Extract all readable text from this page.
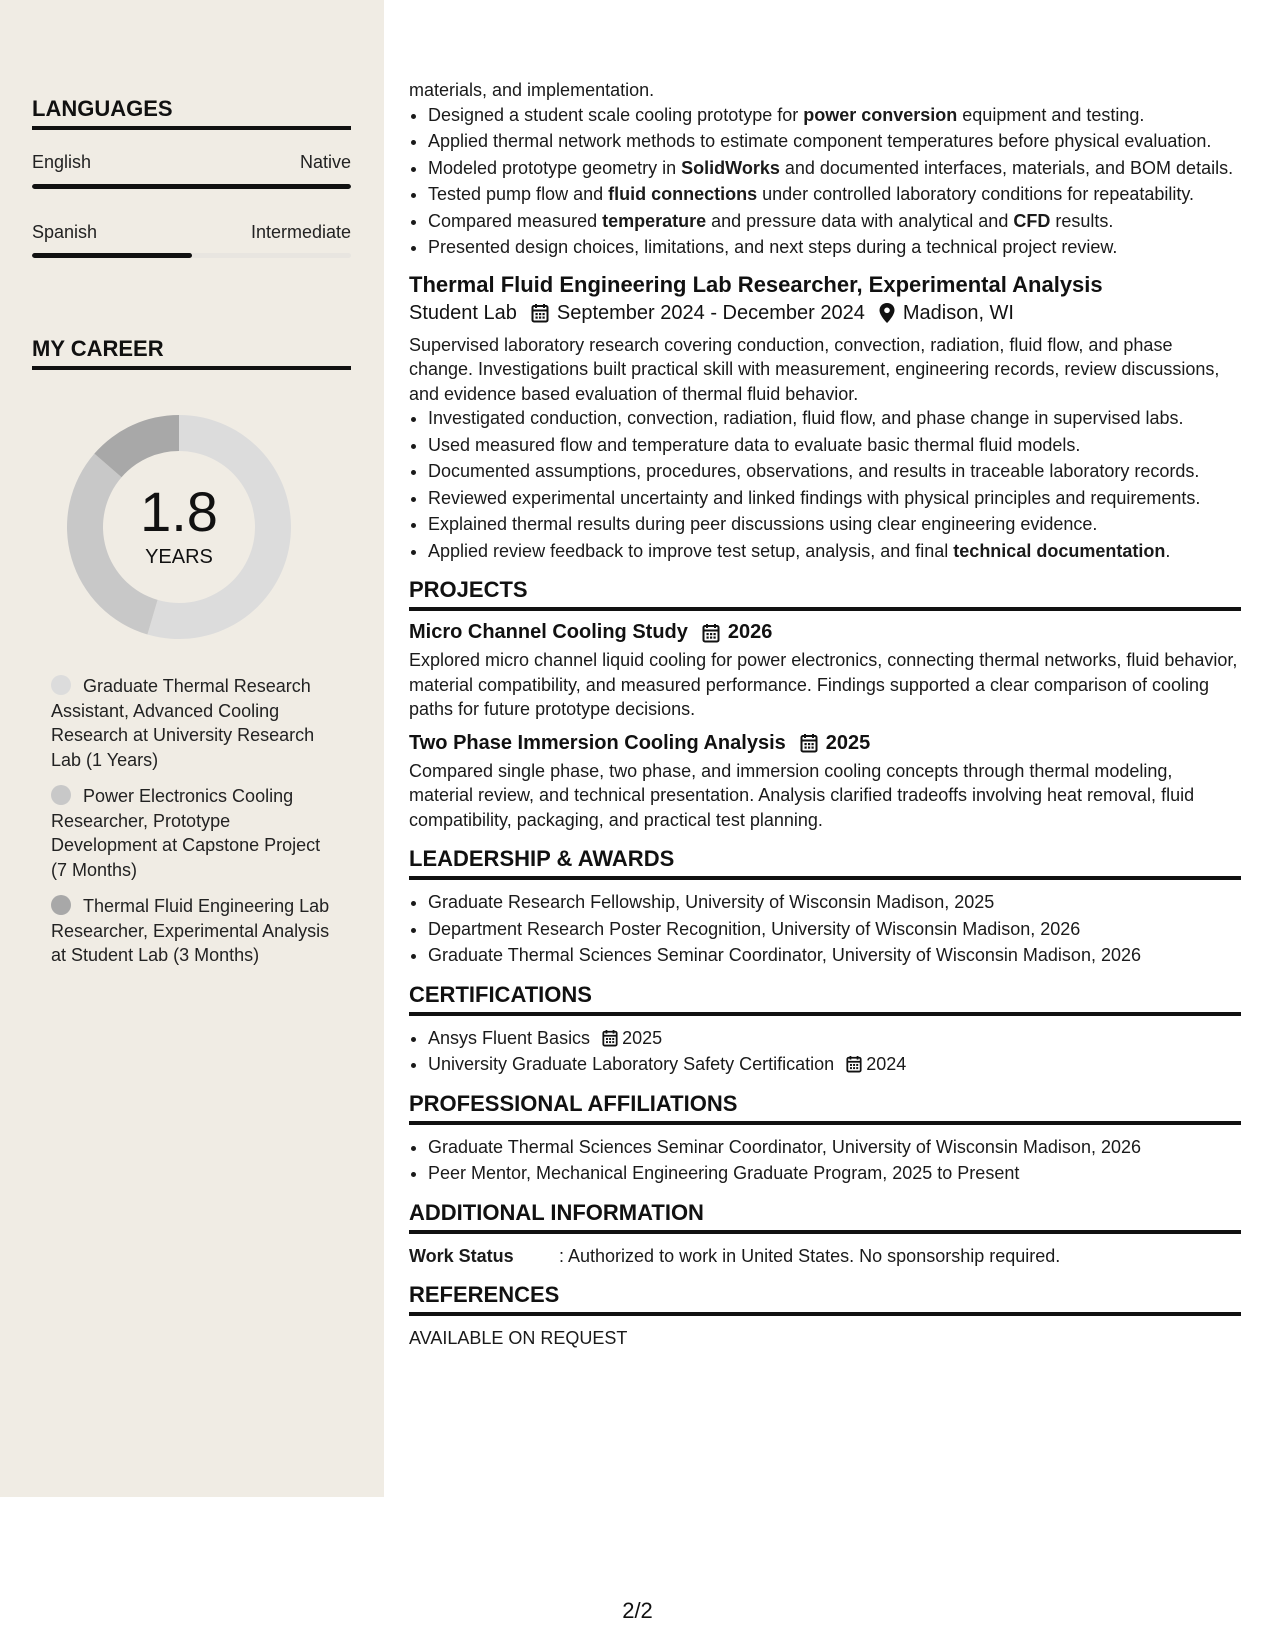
LANGUAGES
English	Native
Spanish	Intermediate
MY CAREER
1.8
YEARS
Graduate Thermal Research Assistant, Advanced Cooling Research at University Research Lab (1 Years)
Power Electronics Cooling Researcher, Prototype Development at Capstone Project (7 Months)
Thermal Fluid Engineering Lab Researcher, Experimental Analysis at Student Lab (3 Months)

materials, and implementation.

• Designed a student scale cooling prototype for power conversion equipment and testing.
• Applied thermal network methods to estimate component temperatures before physical evaluation.
• Modeled prototype geometry in SolidWorks and documented interfaces, materials, and BOM details.
• Tested pump flow and fluid connections under controlled laboratory conditions for repeatability.
• Compared measured temperature and pressure data with analytical and CFD results.
• Presented design choices, limitations, and next steps during a technical project review.
Thermal Fluid Engineering Lab Researcher, Experimental Analysis
Student Lab September 2024 - December 2024 Madison, WI

Supervised laboratory research covering conduction, convection, radiation, fluid flow, and phase change. Investigations built practical skill with measurement, engineering records, review discussions, and evidence based evaluation of thermal fluid behavior.

• Investigated conduction, convection, radiation, fluid flow, and phase change in supervised labs.
• Used measured flow and temperature data to evaluate basic thermal fluid models.
• Documented assumptions, procedures, observations, and results in traceable laboratory records.
• Reviewed experimental uncertainty and linked findings with physical principles and requirements.
• Explained thermal results during peer discussions using clear engineering evidence.
• Applied review feedback to improve test setup, analysis, and final technical documentation.
PROJECTS
Micro Channel Cooling Study 2026

Explored micro channel liquid cooling for power electronics, connecting thermal networks, fluid behavior, material compatibility, and measured performance. Findings supported a clear comparison of cooling paths for future prototype decisions.

Two Phase Immersion Cooling Analysis 2025

Compared single phase, two phase, and immersion cooling concepts through thermal modeling, material review, and technical presentation. Analysis clarified tradeoffs involving heat removal, fluid compatibility, packaging, and practical test planning.

LEADERSHIP & AWARDS
• Graduate Research Fellowship, University of Wisconsin Madison, 2025
• Department Research Poster Recognition, University of Wisconsin Madison, 2026
• Graduate Thermal Sciences Seminar Coordinator, University of Wisconsin Madison, 2026
CERTIFICATIONS
• Ansys Fluent Basics 2025
• University Graduate Laboratory Safety Certification 2024
PROFESSIONAL AFFILIATIONS
• Graduate Thermal Sciences Seminar Coordinator, University of Wisconsin Madison, 2026
• Peer Mentor, Mechanical Engineering Graduate Program, 2025 to Present
ADDITIONAL INFORMATION
Work Status	: Authorized to work in United States. No sponsorship required.
REFERENCES

AVAILABLE ON REQUEST

2/2
